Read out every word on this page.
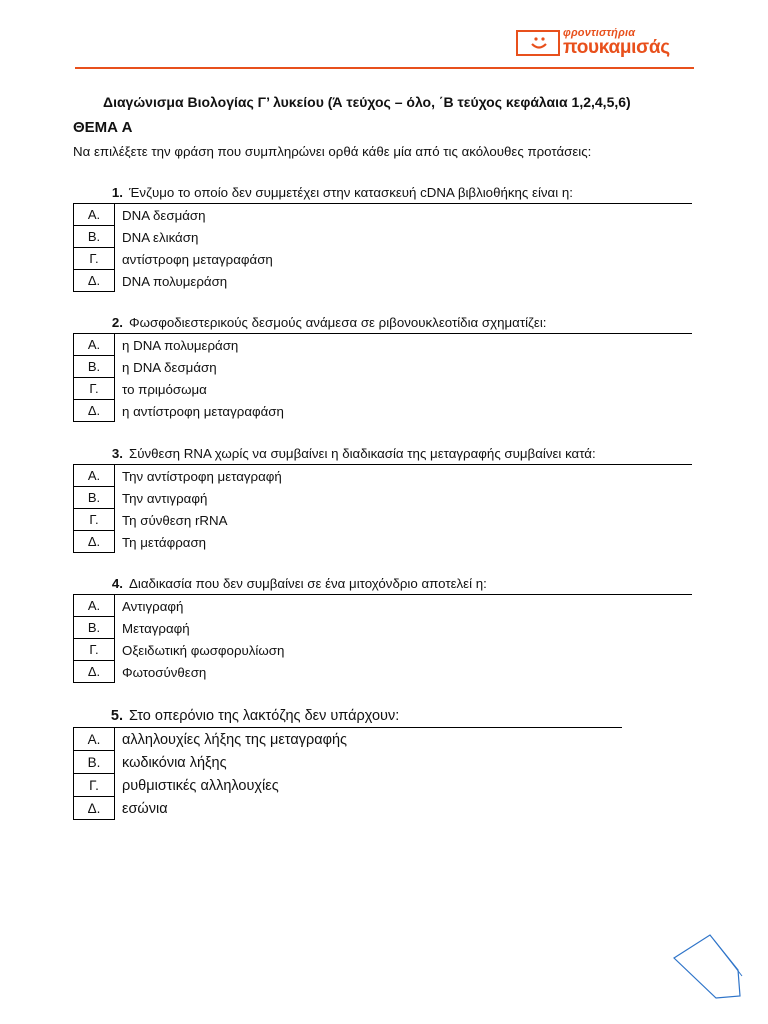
φροντιστήρια
πουκαμισάς
Διαγώνισμα Βιολογίας Γ’ λυκείου (Ά τεύχος – όλο, ΄Β τεύχος κεφάλαια 1,2,4,5,6)
ΘΕΜΑ Α
Να επιλέξετε την φράση που συμπληρώνει ορθά κάθε μία από τις ακόλουθες προτάσεις:
1. Ένζυμο το οποίο δεν συμμετέχει στην κατασκευή cDNA βιβλιοθήκης είναι η:
Α.	DNA δεσμάση
Β.	DNA ελικάση
Γ.	αντίστροφη μεταγραφάση
Δ.	DNA πολυμεράση
2. Φωσφοδιεστερικούς δεσμούς ανάμεσα σε ριβονουκλεοτίδια σχηματίζει:
Α.	η DNA πολυμεράση
Β.	η DNA δεσμάση
Γ.	το πριμόσωμα
Δ.	η αντίστροφη μεταγραφάση
3. Σύνθεση RNA χωρίς να συμβαίνει η διαδικασία της μεταγραφής συμβαίνει κατά:
Α.	Την αντίστροφη μεταγραφή
Β.	Την αντιγραφή
Γ.	Τη σύνθεση rRNA
Δ.	Τη μετάφραση
4. Διαδικασία που δεν συμβαίνει σε ένα μιτοχόνδριο αποτελεί η:
Α.	Αντιγραφή
Β.	Μεταγραφή
Γ.	Οξειδωτική φωσφορυλίωση
Δ.	Φωτοσύνθεση
5. Στο οπερόνιο της λακτόζης δεν υπάρχουν:
Α.	αλληλουχίες λήξης της μεταγραφής
Β.	κωδικόνια λήξης
Γ.	ρυθμιστικές αλληλουχίες
Δ.	εσώνια
